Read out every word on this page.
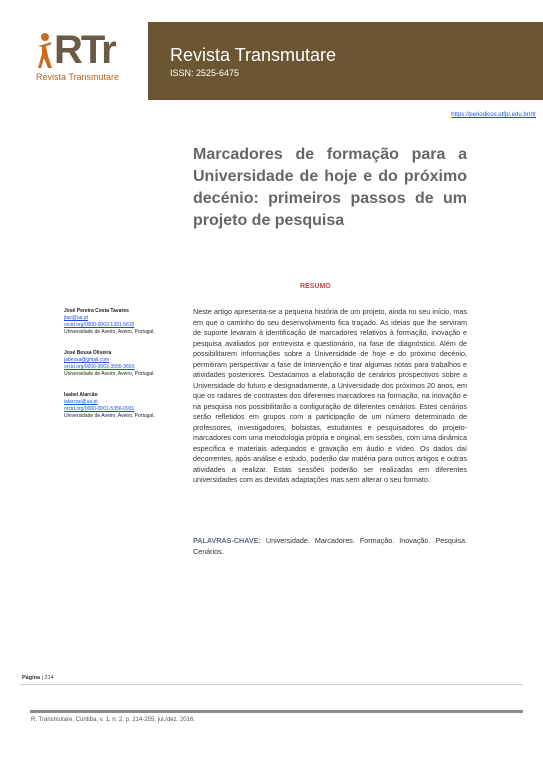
RTr
Revista Transmutare
Revista Transmutare
ISSN: 2525-6475
https://periodicos.utfpr.edu.br/rtr
Marcadores de formação para a Universidade de hoje e do próximo decénio: primeiros passos de um projeto de pesquisa
RESUMO
José Pereira Costa Tavares
jtav@ua.pt
orcid.org/0000-0003-1391-5619
Universidade de Aveiro, Aveiro, Portugal.
José Bessa Oliveira
jabessa@gmail.com
orcid.org/0000-0003-3555-365X
Universidade de Aveiro, Aveiro, Portugal.
Isabel Alarcão
ialarcao@ua.pt
orcid.org/0000-0001-5356-0931
Universidade de Aveiro, Aveiro, Portugal.

Neste artigo apresenta-se a pequena história de um projeto, ainda no seu início, mas em que o caminho do seu desenvolvimento fica traçado. As ideias que lhe serviram de suporte levaram à identificação de marcadores relativos à formação, inovação e pesquisa avaliados por entrevista e questionário, na fase de diagnóstico. Além de possibilitarem informações sobre a Universidade de hoje e do próximo decénio, permitiram perspectivar a fase de intervenção e tirar algumas notas para trabalhos e atividades posteriores. Destacamos a elaboração de cenários prospectivos sobre a Universidade do futuro e designadamente, a Universidade dos próximos 20 anos, em que os radares de contrastes dos diferentes marcadores na formação, na inovação e na pesquisa nos possibilitarão a configuração de diferentes cenários. Estes cenários serão refletidos em grupos com a participação de um número determinado de professores, investigadores, bolsistas, estudantes e pesquisadores do projeto-marcadores com uma metodologia própria e original, em sessões, com uma dinâmica específica e materiais adequados e gravação em áudio e vídeo. Os dados daí decorrentes, após análise e estudo, poderão dar matéria para outros artigos e outras atividades a realizar. Estas sessões poderão ser realizadas em diferentes universidades com as devidas adaptações mas sem alterar o seu formato.

PALAVRAS-CHAVE: Universidade. Marcadores. Formação. Inovação. Pesquisa. Cenários.

Página | 214
R. Transmutare, Curitiba, v. 1, n. 2, p. 214-255, jul./dez. 2016.
